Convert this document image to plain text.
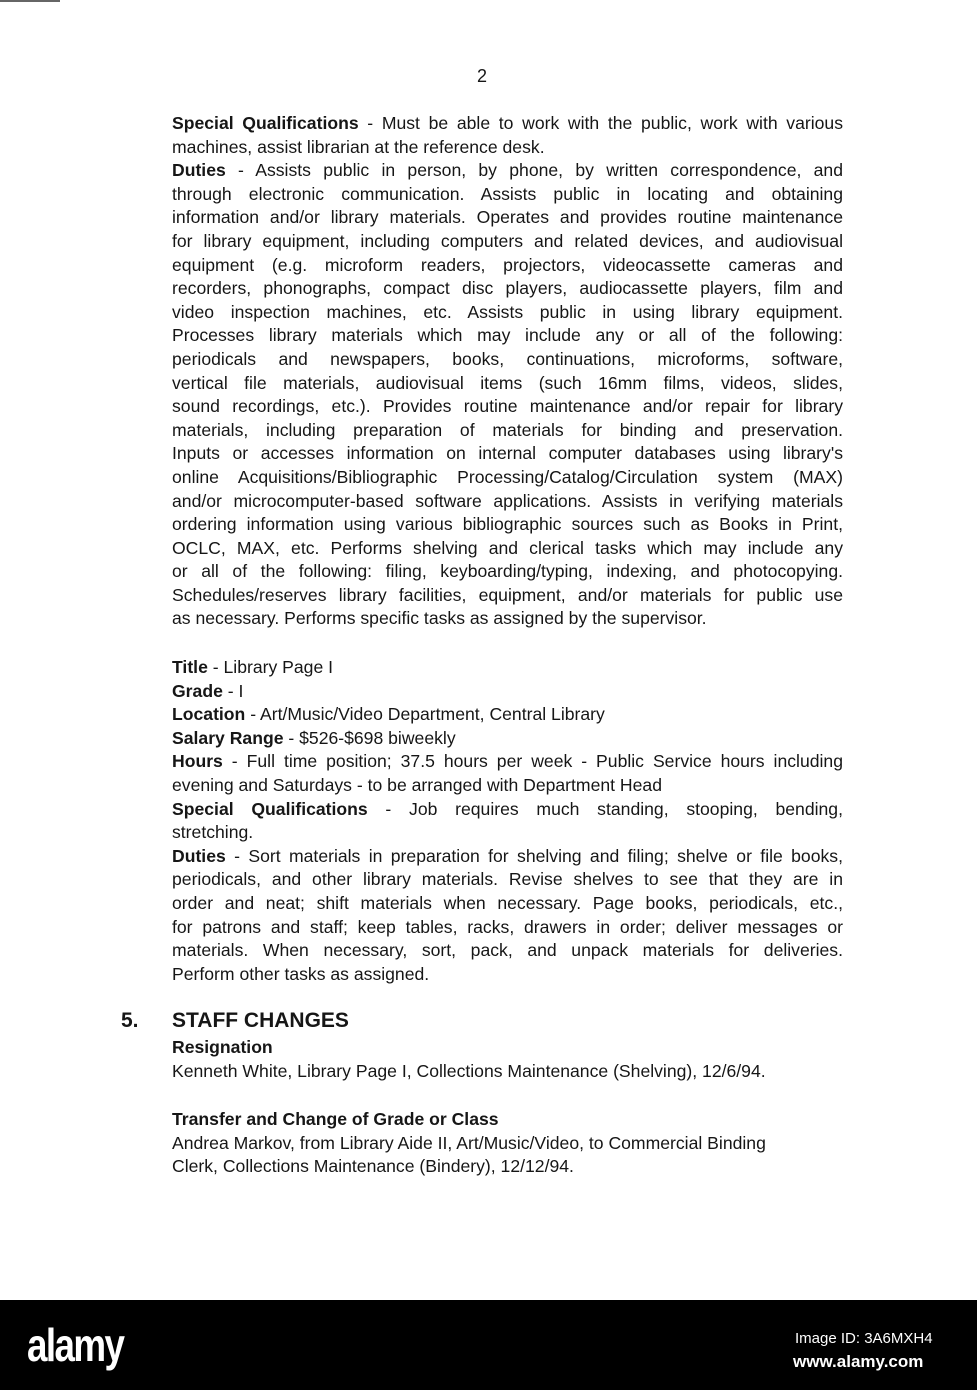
2
Special Qualifications - Must be able to work with the public, work with various
machines, assist librarian at the reference desk.
Duties - Assists public in person, by phone, by written correspondence, and
through electronic communication. Assists public in locating and obtaining
information and/or library materials. Operates and provides routine maintenance
for library equipment, including computers and related devices, and audiovisual
equipment (e.g. microform readers, projectors, videocassette cameras and
recorders, phonographs, compact disc players, audiocassette players, film and
video inspection machines, etc. Assists public in using library equipment.
Processes library materials which may include any or all of the following:
periodicals and newspapers, books, continuations, microforms, software,
vertical file materials, audiovisual items (such 16mm films, videos, slides,
sound recordings, etc.). Provides routine maintenance and/or repair for library
materials, including preparation of materials for binding and preservation.
Inputs or accesses information on internal computer databases using library's
online Acquisitions/Bibliographic Processing/Catalog/Circulation system (MAX)
and/or microcomputer-based software applications. Assists in verifying materials
ordering information using various bibliographic sources such as Books in Print,
OCLC, MAX, etc. Performs shelving and clerical tasks which may include any
or all of the following: filing, keyboarding/typing, indexing, and photocopying.
Schedules/reserves library facilities, equipment, and/or materials for public use
as necessary. Performs specific tasks as assigned by the supervisor.
Title - Library Page I
Grade - I
Location - Art/Music/Video Department, Central Library
Salary Range - $526-$698 biweekly
Hours - Full time position; 37.5 hours per week - Public Service hours including
evening and Saturdays - to be arranged with Department Head
Special Qualifications - Job requires much standing, stooping, bending,
stretching.
Duties - Sort materials in preparation for shelving and filing; shelve or file books,
periodicals, and other library materials. Revise shelves to see that they are in
order and neat; shift materials when necessary. Page books, periodicals, etc.,
for patrons and staff; keep tables, racks, drawers in order; deliver messages or
materials. When necessary, sort, pack, and unpack materials for deliveries.
Perform other tasks as assigned.
5. STAFF CHANGES
Resignation
Kenneth White, Library Page I, Collections Maintenance (Shelving), 12/6/94.
Transfer and Change of Grade or Class
Andrea Markov, from Library Aide II, Art/Music/Video, to Commercial Binding
Clerk, Collections Maintenance (Bindery), 12/12/94.
alamy	Image ID: 3A6MXH4
www.alamy.com
